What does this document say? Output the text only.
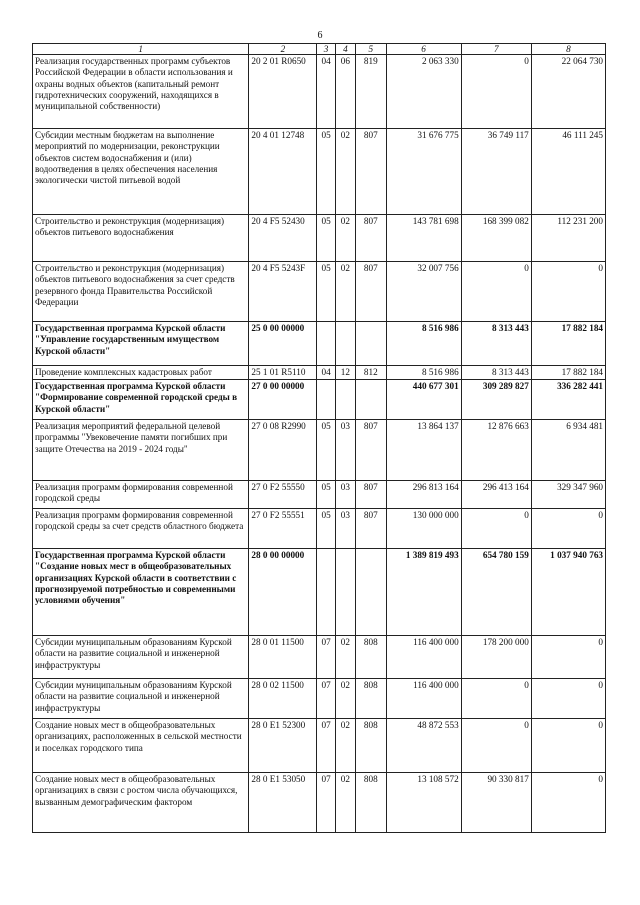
6
1	2	3	4	5	6	7	8
Реализация государственных программ субъектов Российской Федерации в области использования и охраны водных объектов (капитальный ремонт гидротехнических сооружений, находящихся в муниципальной собственности)	20 2 01 R0650	04	06	819	2 063 330	0	22 064 730
Субсидии местным бюджетам на выполнение мероприятий по модернизации, реконструкции объектов систем водоснабжения и (или) водоотведения в целях обеспечения населения экологически чистой питьевой водой	20 4 01 12748	05	02	807	31 676 775	36 749 117	46 111 245
Строительство и реконструкция (модернизация) объектов питьевого водоснабжения	20 4 F5 52430	05	02	807	143 781 698	168 399 082	112 231 200
Строительство и реконструкция (модернизация) объектов питьевого водоснабжения за счет средств резервного фонда Правительства Российской Федерации	20 4 F5 5243F	05	02	807	32 007 756	0	0
Государственная программа Курской области "Управление государственным имуществом Курской области"	25 0 00 00000				8 516 986	8 313 443	17 882 184
Проведение комплексных кадастровых работ	25 1 01 R5110	04	12	812	8 516 986	8 313 443	17 882 184
Государственная программа Курской области "Формирование современной городской среды в Курской области"	27 0 00 00000				440 677 301	309 289 827	336 282 441
Реализация мероприятий федеральной целевой программы "Увековечение памяти погибших при защите Отечества на 2019 - 2024 годы"	27 0 08 R2990	05	03	807	13 864 137	12 876 663	6 934 481
Реализация программ формирования современной городской среды	27 0 F2 55550	05	03	807	296 813 164	296 413 164	329 347 960
Реализация программ формирования современной городской среды за счет средств областного бюджета	27 0 F2 55551	05	03	807	130 000 000	0	0
Государственная программа Курской области "Создание новых мест в общеобразовательных организациях Курской области в соответствии с прогнозируемой потребностью и современными условиями обучения"	28 0 00 00000				1 389 819 493	654 780 159	1 037 940 763
Субсидии муниципальным образованиям Курской области на развитие социальной и инженерной инфраструктуры	28 0 01 11500	07	02	808	116 400 000	178 200 000	0
Субсидии муниципальным образованиям Курской области на развитие социальной и инженерной инфраструктуры	28 0 02 11500	07	02	808	116 400 000	0	0
Создание новых мест в общеобразовательных организациях, расположенных в сельской местности и поселках городского типа	28 0 E1 52300	07	02	808	48 872 553	0	0
Создание новых мест в общеобразовательных организациях в связи с ростом числа обучающихся, вызванным демографическим фактором	28 0 E1 53050	07	02	808	13 108 572	90 330 817	0
